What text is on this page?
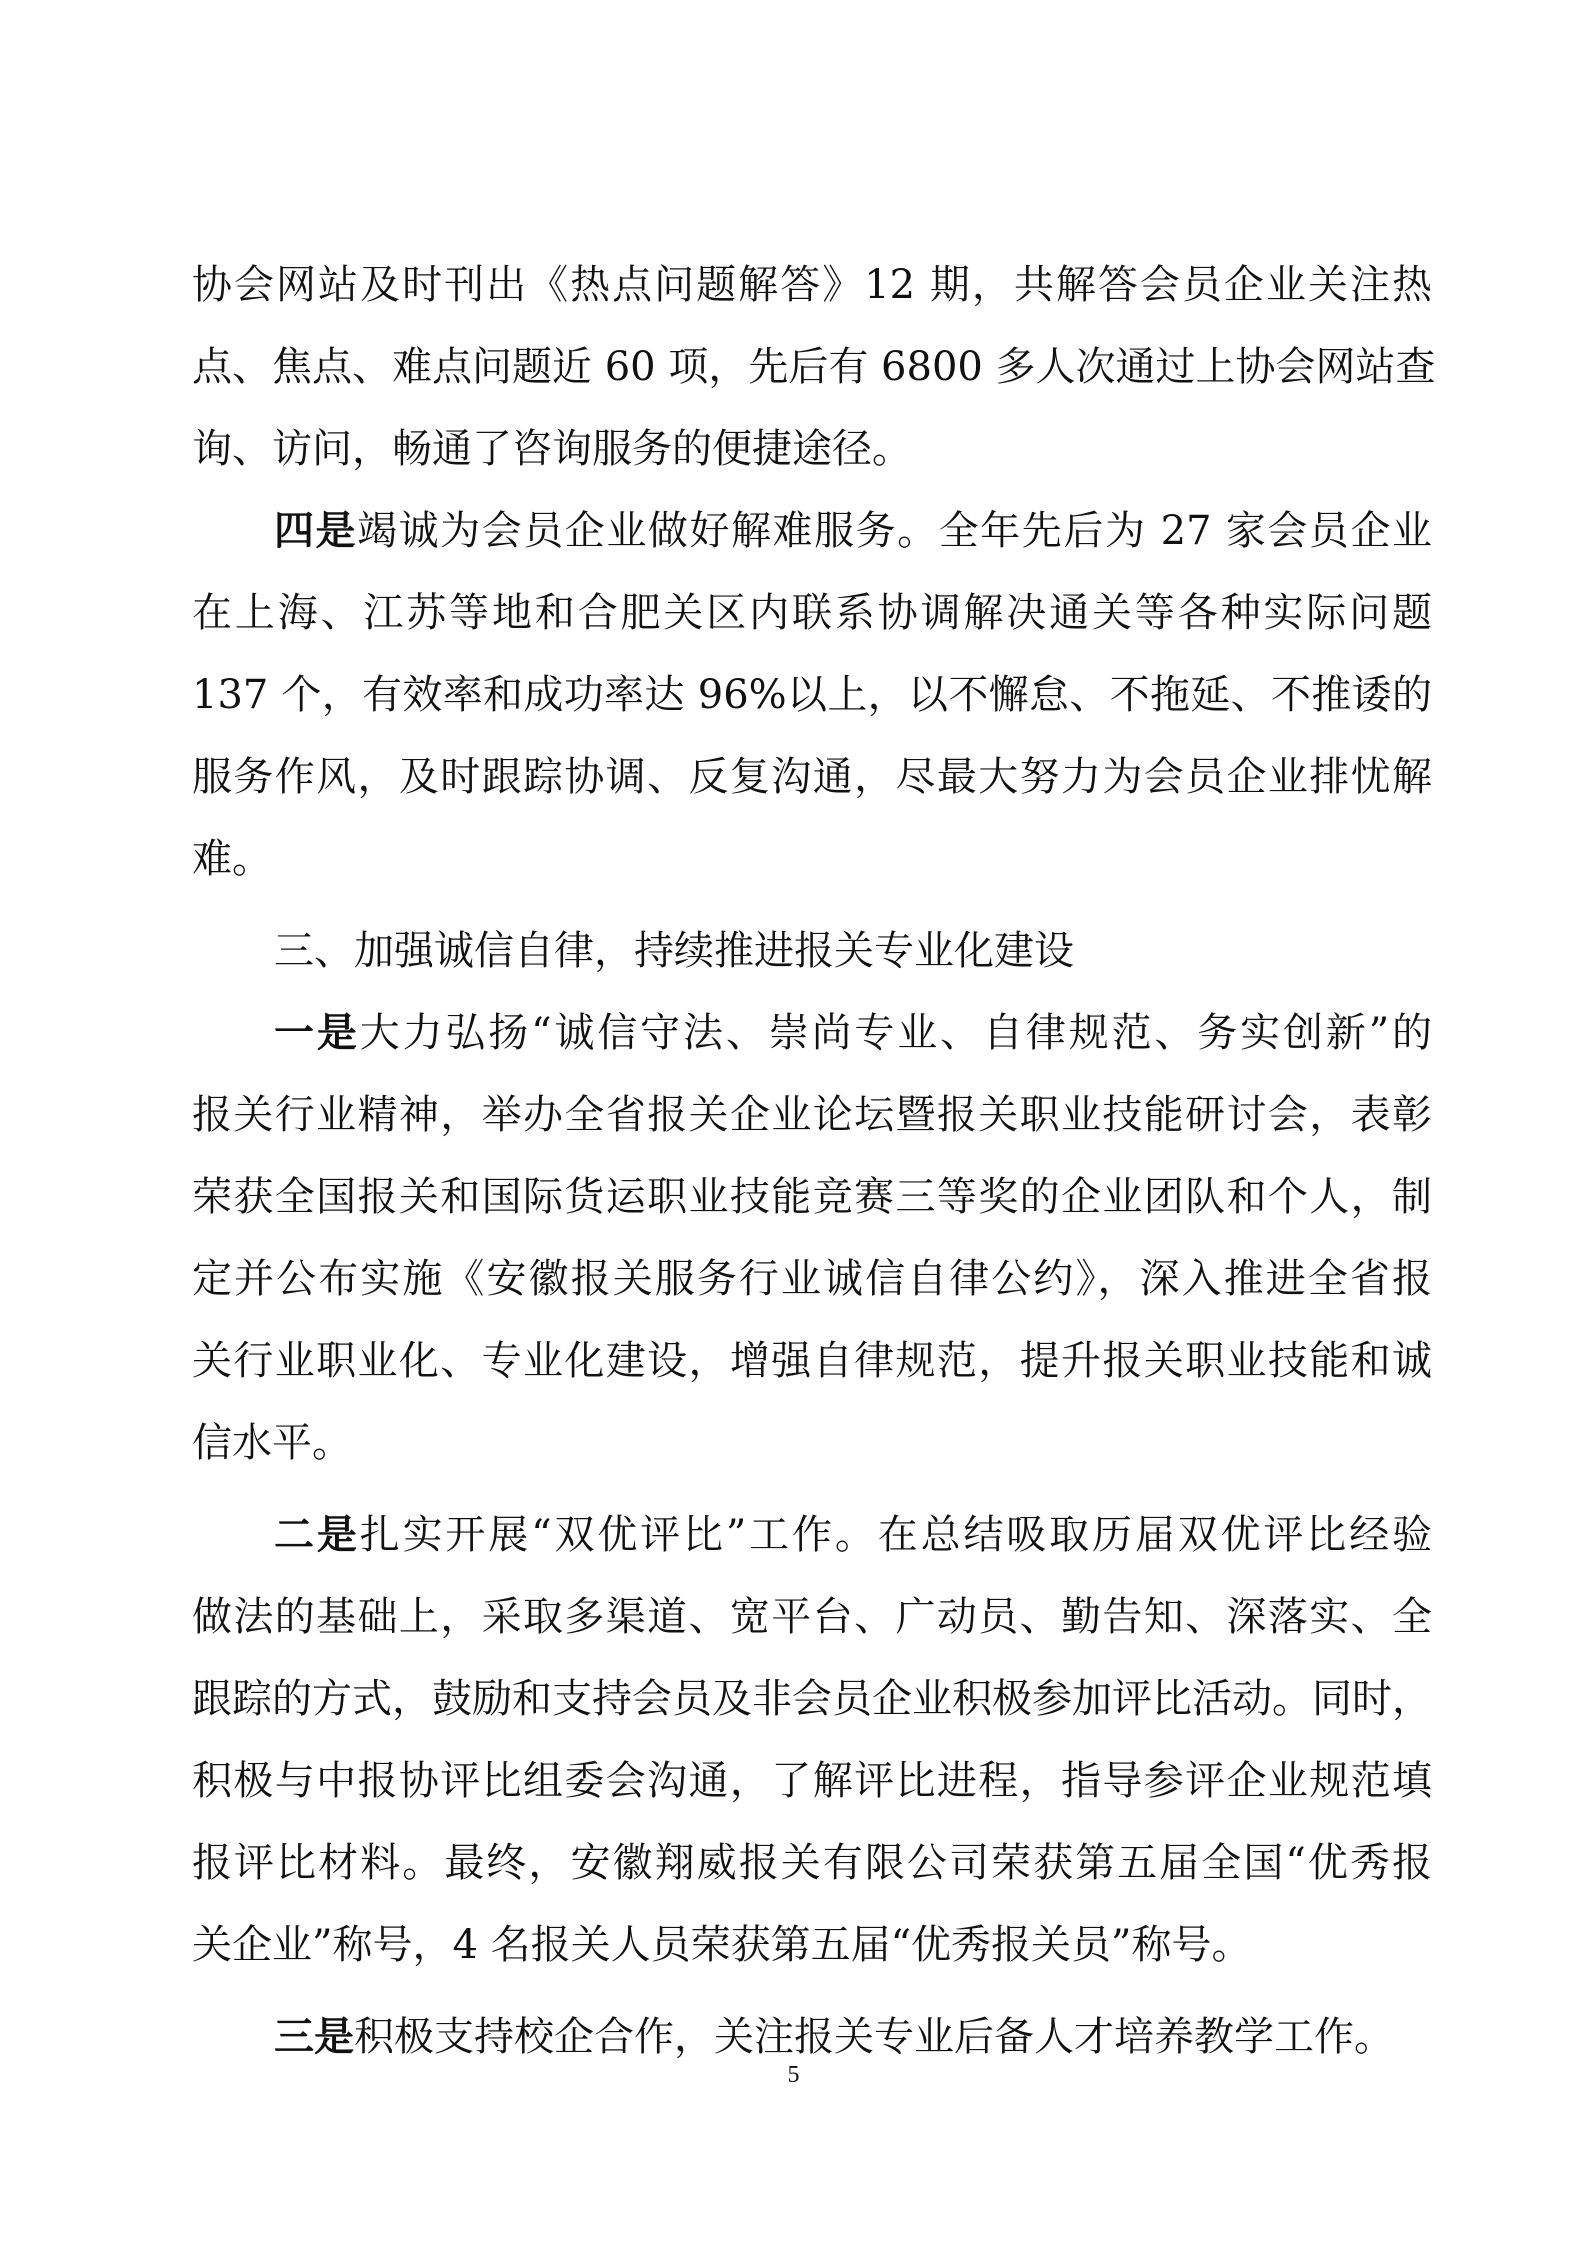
协会网站及时刊出《热点问题解答》12 期，共解答会员企业关注热
点、焦点、难点问题近 60 项，先后有 6800 多人次通过上协会网站查
询、访问，畅通了咨询服务的便捷途径。
四是竭诚为会员企业做好解难服务。全年先后为 27 家会员企业
在上海、江苏等地和合肥关区内联系协调解决通关等各种实际问题
137 个，有效率和成功率达 96%以上，以不懈怠、不拖延、不推诿的
服务作风，及时跟踪协调、反复沟通，尽最大努力为会员企业排忧解
难。
三、加强诚信自律，持续推进报关专业化建设
一是大力弘扬“诚信守法、崇尚专业、自律规范、务实创新”的
报关行业精神，举办全省报关企业论坛暨报关职业技能研讨会，表彰
荣获全国报关和国际货运职业技能竞赛三等奖的企业团队和个人，制
定并公布实施《安徽报关服务行业诚信自律公约》，深入推进全省报
关行业职业化、专业化建设，增强自律规范，提升报关职业技能和诚
信水平。
二是扎实开展“双优评比”工作。在总结吸取历届双优评比经验
做法的基础上，采取多渠道、宽平台、广动员、勤告知、深落实、全
跟踪的方式，鼓励和支持会员及非会员企业积极参加评比活动。同时，
积极与中报协评比组委会沟通，了解评比进程，指导参评企业规范填
报评比材料。最终，安徽翔威报关有限公司荣获第五届全国“优秀报
关企业”称号，4 名报关人员荣获第五届“优秀报关员”称号。
三是积极支持校企合作，关注报关专业后备人才培养教学工作。
5
